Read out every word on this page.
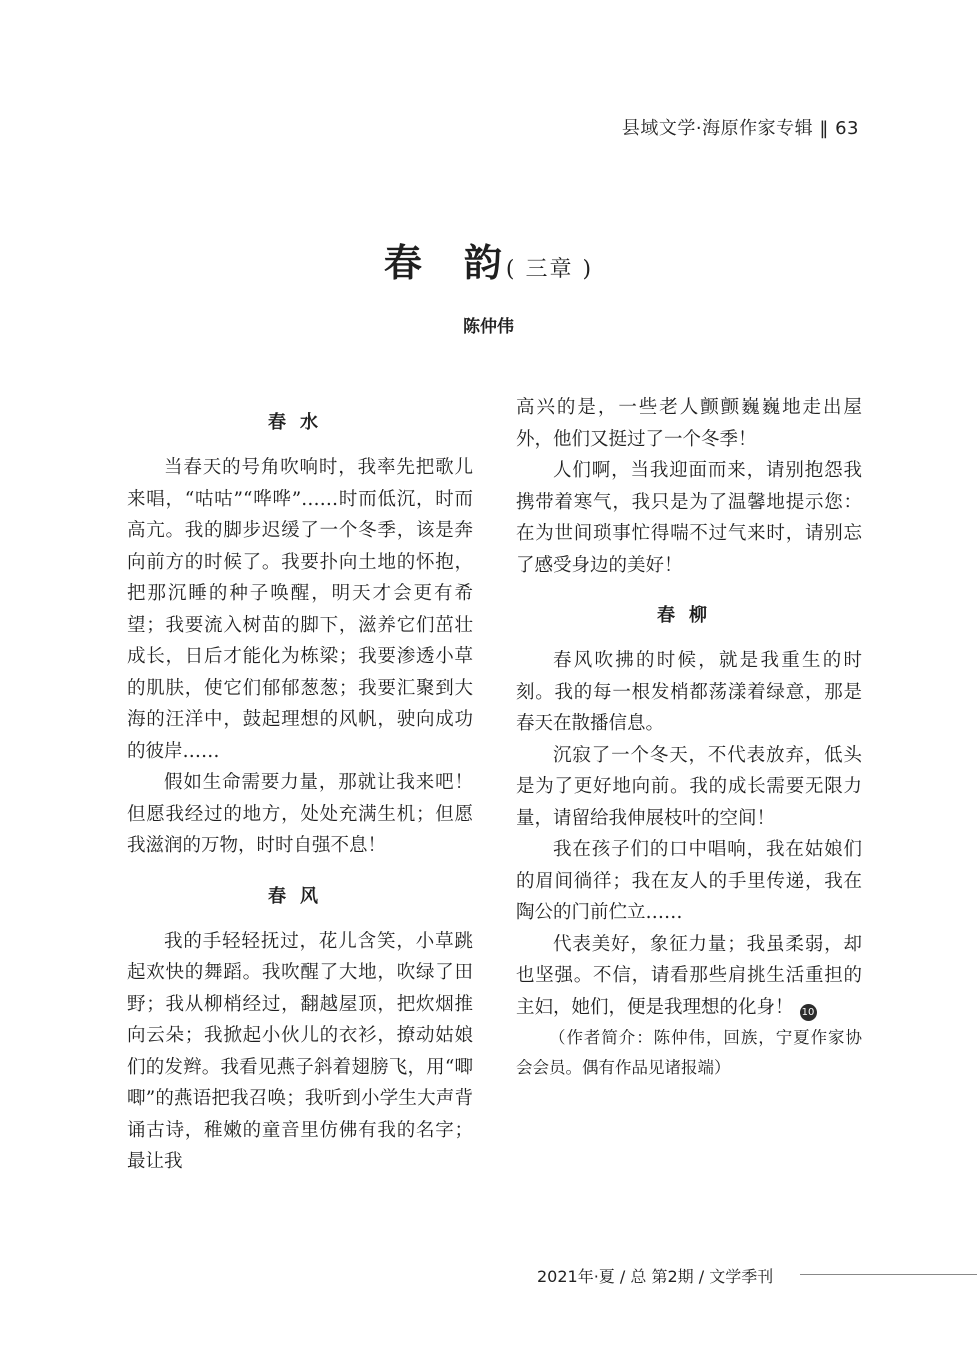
县域文学·海原作家专辑 ‖ 63
春　韵( 三章 )
陈仲伟
春水

当春天的号角吹响时，我率先把歌儿来唱，“咕咕”“哗哗”……时而低沉，时而高亢。我的脚步迟缓了一个冬季，该是奔向前方的时候了。我要扑向土地的怀抱，把那沉睡的种子唤醒，明天才会更有希望；我要流入树苗的脚下，滋养它们茁壮成长，日后才能化为栋梁；我要渗透小草的肌肤，使它们郁郁葱葱；我要汇聚到大海的汪洋中，鼓起理想的风帆，驶向成功的彼岸……

假如生命需要力量，那就让我来吧！但愿我经过的地方，处处充满生机；但愿我滋润的万物，时时自强不息！

春风

我的手轻轻抚过，花儿含笑，小草跳起欢快的舞蹈。我吹醒了大地，吹绿了田野；我从柳梢经过，翻越屋顶，把炊烟推向云朵；我掀起小伙儿的衣衫，撩动姑娘们的发辫。我看见燕子斜着翅膀飞，用“唧唧”的燕语把我召唤；我听到小学生大声背诵古诗，稚嫩的童音里仿佛有我的名字；最让我

高兴的是，一些老人颤颤巍巍地走出屋外，他们又挺过了一个冬季！

人们啊，当我迎面而来，请别抱怨我携带着寒气，我只是为了温馨地提示您：在为世间琐事忙得喘不过气来时，请别忘了感受身边的美好！

春柳

春风吹拂的时候，就是我重生的时刻。我的每一根发梢都荡漾着绿意，那是春天在散播信息。

沉寂了一个冬天，不代表放弃，低头是为了更好地向前。我的成长需要无限力量，请留给我伸展枝叶的空间！

我在孩子们的口中唱响，我在姑娘们的眉间徜徉；我在友人的手里传递，我在陶公的门前伫立……

代表美好，象征力量；我虽柔弱，却也坚强。不信，请看那些肩挑生活重担的主妇，她们，便是我理想的化身！ 10

（作者简介：陈仲伟，回族，宁夏作家协会会员。偶有作品见诸报端）

2021年·夏 / 总 第2期 / 文学季刊
